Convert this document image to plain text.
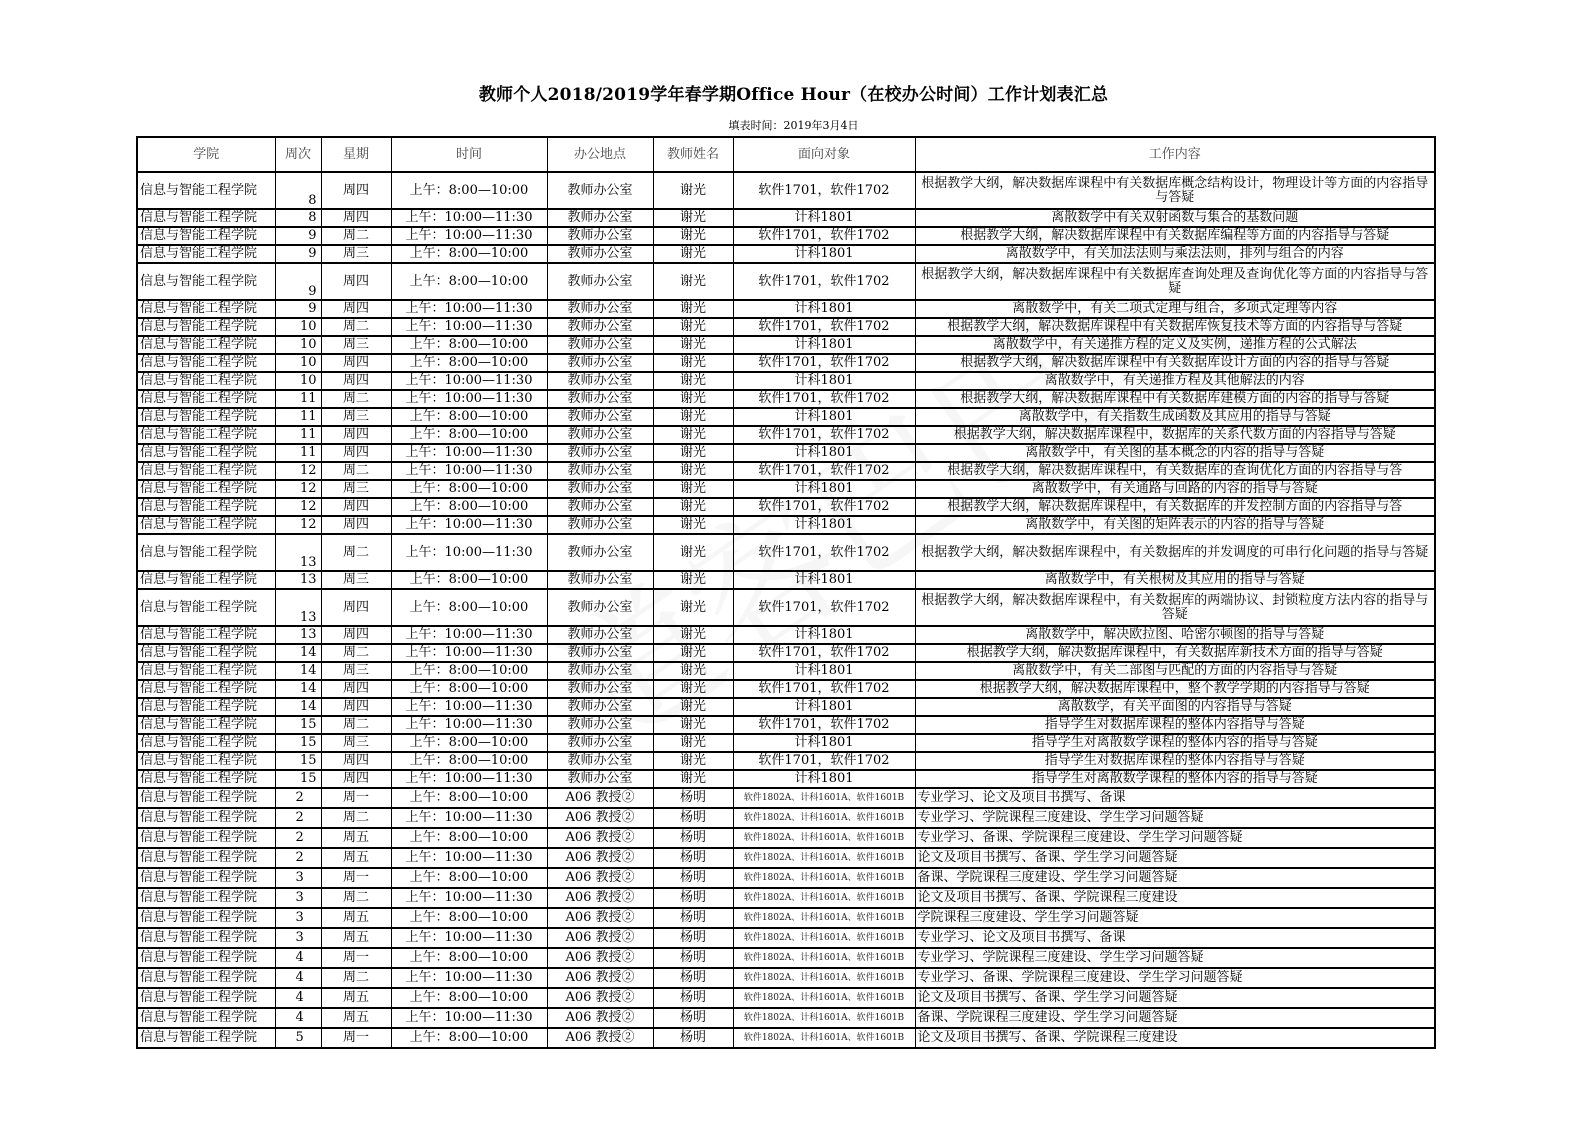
教师个人2018/2019学年春学期Office Hour（在校办公时间）工作计划表汇总
填表时间：2019年3月4日
学院	周次	星期	时间	办公地点	教师姓名	面向对象	工作内容
信息与智能工程学院	8	周四	上午：8:00—10:00	教师办公室	谢光	软件1701，软件1702	根据教学大纲，解决数据库课程中有关数据库概念结构设计，物理设计等方面的内容指导与答疑
信息与智能工程学院	8	周四	上午：10:00—11:30	教师办公室	谢光	计科1801	离散数学中有关双射函数与集合的基数问题
信息与智能工程学院	9	周二	上午：10:00—11:30	教师办公室	谢光	软件1701，软件1702	根据教学大纲，解决数据库课程中有关数据库编程等方面的内容指导与答疑
信息与智能工程学院	9	周三	上午：8:00—10:00	教师办公室	谢光	计科1801	离散数学中，有关加法法则与乘法法则，排列与组合的内容
信息与智能工程学院	9	周四	上午：8:00—10:00	教师办公室	谢光	软件1701，软件1702	根据教学大纲，解决数据库课程中有关数据库查询处理及查询优化等方面的内容指导与答疑
信息与智能工程学院	9	周四	上午：10:00—11:30	教师办公室	谢光	计科1801	离散数学中，有关二项式定理与组合，多项式定理等内容
信息与智能工程学院	10	周二	上午：10:00—11:30	教师办公室	谢光	软件1701，软件1702	根据教学大纲，解决数据库课程中有关数据库恢复技术等方面的内容指导与答疑
信息与智能工程学院	10	周三	上午：8:00—10:00	教师办公室	谢光	计科1801	离散数学中，有关递推方程的定义及实例，递推方程的公式解法
信息与智能工程学院	10	周四	上午：8:00—10:00	教师办公室	谢光	软件1701，软件1702	根据教学大纲，解决数据库课程中有关数据库设计方面的内容的指导与答疑
信息与智能工程学院	10	周四	上午：10:00—11:30	教师办公室	谢光	计科1801	离散数学中，有关递推方程及其他解法的内容
信息与智能工程学院	11	周二	上午：10:00—11:30	教师办公室	谢光	软件1701，软件1702	根据教学大纲，解决数据库课程中有关数据库建模方面的内容的指导与答疑
信息与智能工程学院	11	周三	上午：8:00—10:00	教师办公室	谢光	计科1801	离散数学中，有关指数生成函数及其应用的指导与答疑
信息与智能工程学院	11	周四	上午：8:00—10:00	教师办公室	谢光	软件1701，软件1702	根据教学大纲，解决数据库课程中，数据库的关系代数方面的内容指导与答疑
信息与智能工程学院	11	周四	上午：10:00—11:30	教师办公室	谢光	计科1801	离散数学中，有关图的基本概念的内容的指导与答疑
信息与智能工程学院	12	周二	上午：10:00—11:30	教师办公室	谢光	软件1701，软件1702	根据教学大纲，解决数据库课程中，有关数据库的查询优化方面的内容指导与答
信息与智能工程学院	12	周三	上午：8:00—10:00	教师办公室	谢光	计科1801	离散数学中，有关通路与回路的内容的指导与答疑
信息与智能工程学院	12	周四	上午：8:00—10:00	教师办公室	谢光	软件1701，软件1702	根据教学大纲，解决数据库课程中，有关数据库的并发控制方面的内容指导与答
信息与智能工程学院	12	周四	上午：10:00—11:30	教师办公室	谢光	计科1801	离散数学中，有关图的矩阵表示的内容的指导与答疑
信息与智能工程学院	13	周二	上午：10:00—11:30	教师办公室	谢光	软件1701，软件1702	根据教学大纲，解决数据库课程中，有关数据库的并发调度的可串行化问题的指导与答疑
信息与智能工程学院	13	周三	上午：8:00—10:00	教师办公室	谢光	计科1801	离散数学中，有关根树及其应用的指导与答疑
信息与智能工程学院	13	周四	上午：8:00—10:00	教师办公室	谢光	软件1701，软件1702	根据教学大纲，解决数据库课程中，有关数据库的两端协议、封锁粒度方法内容的指导与答疑
信息与智能工程学院	13	周四	上午：10:00—11:30	教师办公室	谢光	计科1801	离散数学中，解决欧拉图、哈密尔顿图的指导与答疑
信息与智能工程学院	14	周二	上午：10:00—11:30	教师办公室	谢光	软件1701，软件1702	根据教学大纲，解决数据库课程中，有关数据库新技术方面的指导与答疑
信息与智能工程学院	14	周三	上午：8:00—10:00	教师办公室	谢光	计科1801	离散数学中，有关二部图与匹配的方面的内容指导与答疑
信息与智能工程学院	14	周四	上午：8:00—10:00	教师办公室	谢光	软件1701，软件1702	根据教学大纲，解决数据库课程中，整个教学学期的内容指导与答疑
信息与智能工程学院	14	周四	上午：10:00—11:30	教师办公室	谢光	计科1801	离散数学，有关平面图的内容指导与答疑
信息与智能工程学院	15	周二	上午：10:00—11:30	教师办公室	谢光	软件1701，软件1702	指导学生对数据库课程的整体内容指导与答疑
信息与智能工程学院	15	周三	上午：8:00—10:00	教师办公室	谢光	计科1801	指导学生对离散数学课程的整体内容的指导与答疑
信息与智能工程学院	15	周四	上午：8:00—10:00	教师办公室	谢光	软件1701，软件1702	指导学生对数据库课程的整体内容指导与答疑
信息与智能工程学院	15	周四	上午：10:00—11:30	教师办公室	谢光	计科1801	指导学生对离散数学课程的整体内容的指导与答疑
信息与智能工程学院	2	周一	上午：8:00—10:00	A06 教授②	杨明	软件1802A、计科1601A、软件1601B	专业学习、论文及项目书撰写、备课
信息与智能工程学院	2	周二	上午：10:00—11:30	A06 教授②	杨明	软件1802A、计科1601A、软件1601B	专业学习、学院课程三度建设、学生学习问题答疑
信息与智能工程学院	2	周五	上午：8:00—10:00	A06 教授②	杨明	软件1802A、计科1601A、软件1601B	专业学习、备课、学院课程三度建设、学生学习问题答疑
信息与智能工程学院	2	周五	上午：10:00—11:30	A06 教授②	杨明	软件1802A、计科1601A、软件1601B	论文及项目书撰写、备课、学生学习问题答疑
信息与智能工程学院	3	周一	上午：8:00—10:00	A06 教授②	杨明	软件1802A、计科1601A、软件1601B	备课、学院课程三度建设、学生学习问题答疑
信息与智能工程学院	3	周二	上午：10:00—11:30	A06 教授②	杨明	软件1802A、计科1601A、软件1601B	论文及项目书撰写、备课、学院课程三度建设
信息与智能工程学院	3	周五	上午：8:00—10:00	A06 教授②	杨明	软件1802A、计科1601A、软件1601B	学院课程三度建设、学生学习问题答疑
信息与智能工程学院	3	周五	上午：10:00—11:30	A06 教授②	杨明	软件1802A、计科1601A、软件1601B	专业学习、论文及项目书撰写、备课
信息与智能工程学院	4	周一	上午：8:00—10:00	A06 教授②	杨明	软件1802A、计科1601A、软件1601B	专业学习、学院课程三度建设、学生学习问题答疑
信息与智能工程学院	4	周二	上午：10:00—11:30	A06 教授②	杨明	软件1802A、计科1601A、软件1601B	专业学习、备课、学院课程三度建设、学生学习问题答疑
信息与智能工程学院	4	周五	上午：8:00—10:00	A06 教授②	杨明	软件1802A、计科1601A、软件1601B	论文及项目书撰写、备课、学生学习问题答疑
信息与智能工程学院	4	周五	上午：10:00—11:30	A06 教授②	杨明	软件1802A、计科1601A、软件1601B	备课、学院课程三度建设、学生学习问题答疑
信息与智能工程学院	5	周一	上午：8:00—10:00	A06 教授②	杨明	软件1802A、计科1601A、软件1601B	论文及项目书撰写、备课、学院课程三度建设
